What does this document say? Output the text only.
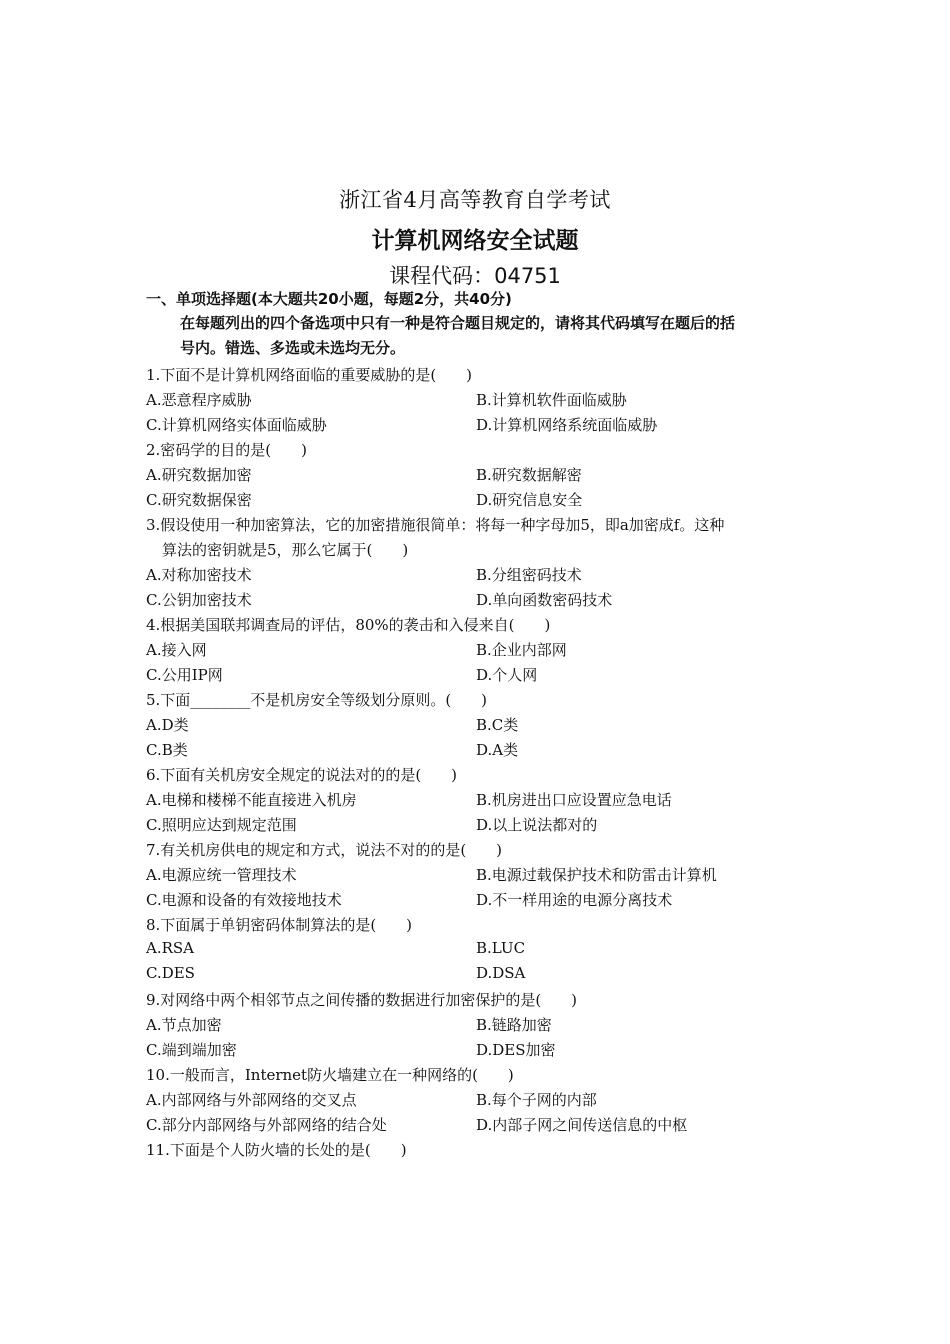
浙江省4月高等教育自学考试
计算机网络安全试题
课程代码：04751
一、单项选择题(本大题共20小题，每题2分，共40分)
在每题列出的四个备选项中只有一种是符合题目规定的，请将其代码填写在题后的括
号内。错选、多选或未选均无分。
1.下面不是计算机网络面临的重要威胁的是(　　)
A.恶意程序威胁	B.计算机软件面临威胁
C.计算机网络实体面临威胁	D.计算机网络系统面临威胁
2.密码学的目的是(　　)
A.研究数据加密	B.研究数据解密
C.研究数据保密	D.研究信息安全
3.假设使用一种加密算法，它的加密措施很简单：将每一种字母加5，即a加密成f。这种
算法的密钥就是5，那么它属于(　　)
A.对称加密技术	B.分组密码技术
C.公钥加密技术	D.单向函数密码技术
4.根据美国联邦调查局的评估，80%的袭击和入侵来自(　　)
A.接入网	B.企业内部网
C.公用IP网	D.个人网
5.下面________不是机房安全等级划分原则。(　　)
A.D类	B.C类
C.B类	D.A类
6.下面有关机房安全规定的说法对的的是(　　)
A.电梯和楼梯不能直接进入机房	B.机房进出口应设置应急电话
C.照明应达到规定范围	D.以上说法都对的
7.有关机房供电的规定和方式，说法不对的的是(　　)
A.电源应统一管理技术	B.电源过载保护技术和防雷击计算机
C.电源和设备的有效接地技术	D.不一样用途的电源分离技术
8.下面属于单钥密码体制算法的是(　　)
A.RSA	B.LUC
C.DES	D.DSA
9.对网络中两个相邻节点之间传播的数据进行加密保护的是(　　)
A.节点加密	B.链路加密
C.端到端加密	D.DES加密
10.一般而言，Internet防火墙建立在一种网络的(　　)
A.内部网络与外部网络的交叉点	B.每个子网的内部
C.部分内部网络与外部网络的结合处	D.内部子网之间传送信息的中枢
11.下面是个人防火墙的长处的是(　　)
